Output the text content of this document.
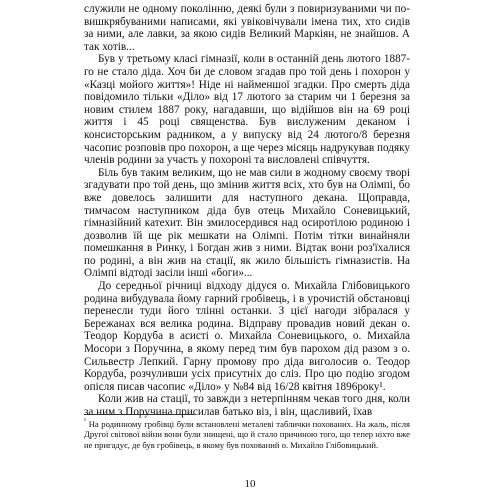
служили не одному поколінню, деякі були з повиризуваними чи по-вишкрябуваними написами, які увіковічували імена тих, хто сидів за ними, але лавки, за якою сидів Великий Маркіян, не знайшов. А так хотів...

Був у третьому класі гімназії, коли в останній день лютого 1887-го не стало діда. Хоч би де словом згадав про той день і похорон у «Казці мойого життя»! Ніде ні найменшої згадки. Про смерть діда повідомило тільки «Діло» від 17 лютого за старим чи 1 березня за новим стилем 1887 року, нагадавши, що відійшов він на 69 році життя і 45 році священства. Був вислуженим деканом і консисторським радником, а у випуску від 24 лютого/8 березня часопис розповів про похорон, а ще через місяць надрукував подяку членів родини за участь у похороні та висловлені співчуття.

Біль був таким великим, що не мав сили в жодному своєму творі згадувати про той день, що змінив життя всіх, хто був на Олімпі, бо вже довелось залишити для наступного декана. Щоправда, тимчасом наступником діда був отець Михайло Соневицький, гімназійний катехит. Він змилосердився над осиротілою родиною і дозволив їй ще рік мешкати на Олімпі. Потім тітки винайняли помешкання в Ринку, і Богдан жив з ними. Відтак вони роз'їхалися по родині, а він жив на стації, як жило більшість гімназистів. На Олімпі відтоді засіли інші «боги»...

До середньої річниці відходу дідуся о. Михайла Глібовицького родина вибудувала йому гарний гробівець, і в урочистій обстановці перенесли туди його тлінні останки. З цієї нагоди зібралася у Бережанах вся велика родина. Відправу провадив новий декан о. Теодор Кордуба в асисті о. Михайла Соневицького, о. Михайла Мосори з Поручина, в якому перед тим був парохом дід разом з о. Сильвестр Лепкий. Гарну промову про діда виголосив о. Теодор Кордуба, розчуливши усіх присутніх до сліз. Про цю подію згодом опісля писав часопис «Діло» у №84 від 16/28 квітня 1896року¹.

Коли жив на стації, то завжди з нетерпінням чекав того дня, коли за ним з Поручина присилав батько віз, і він, щасливий, їхав

$^{^1}$ На родинному гробівці були встановлені металеві таблички похованих. На жаль, після Другої світової війни вони були знищені, що й стало причиною того, що тепер ніхто вже не пригадує, де був гробівець, в якому був похований о. Михайло Глібовицький.

10
